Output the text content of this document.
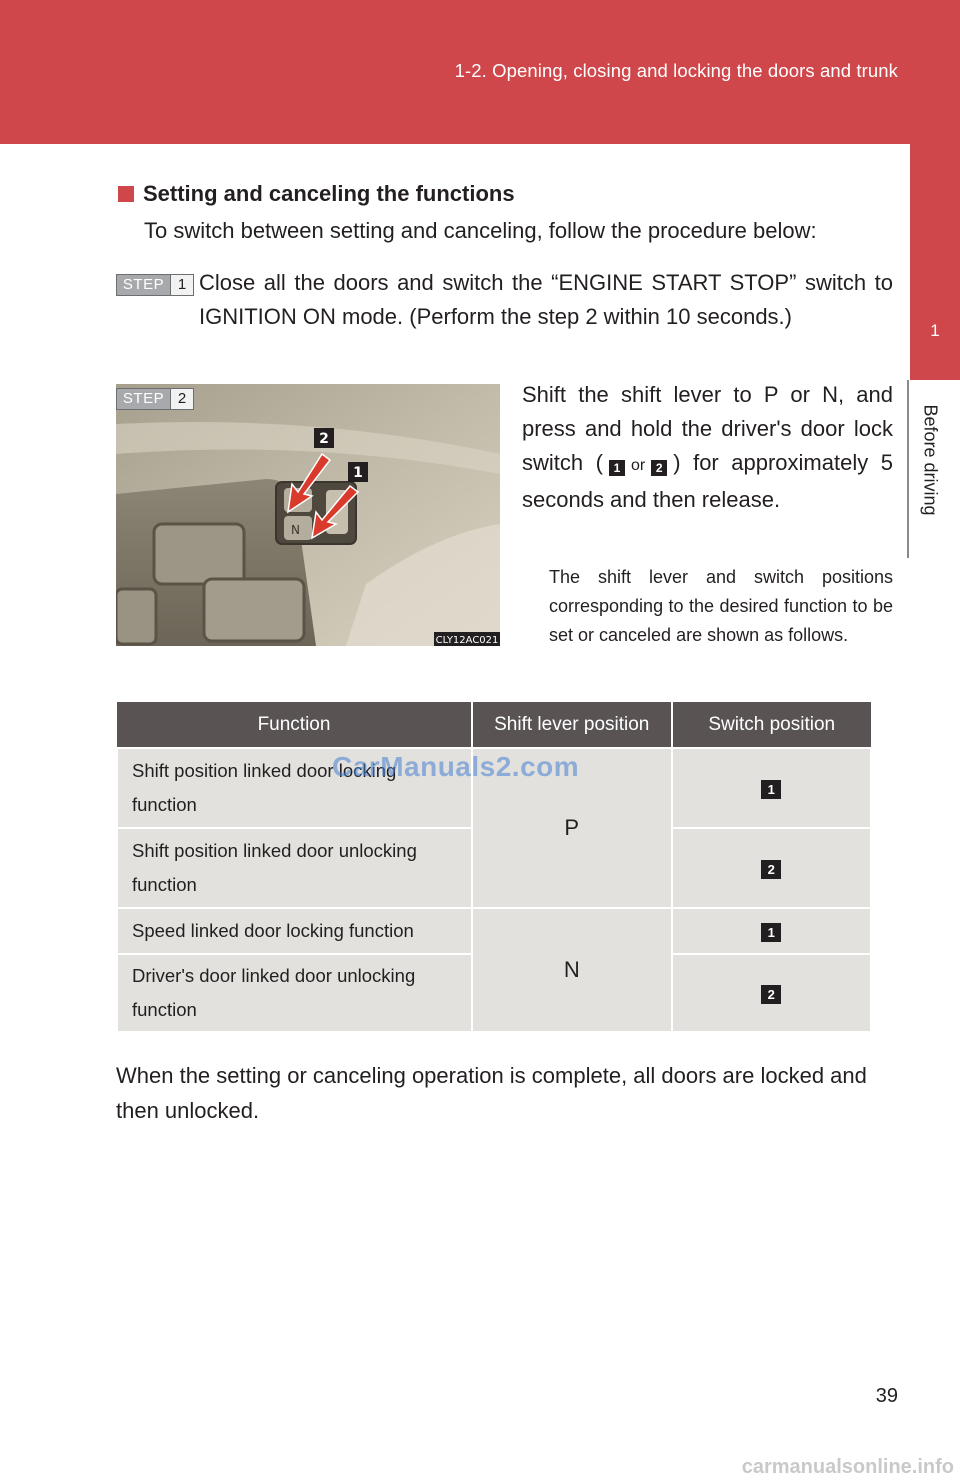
1-2. Opening, closing and locking the doors and trunk
1
Before driving
Setting and canceling the functions
To switch between setting and canceling, follow the procedure below:
STEP 1 Close all the doors and switch the “ENGINE START STOP” switch to IGNITION ON mode. (Perform the step 2 within 10 seconds.)
STEP 2
N
2
1
CLY12AC021
Shift the shift lever to P or N, and press and hold the driver's door lock switch ( 1 or 2 ) for approximately 5 seconds and then release.
The shift lever and switch positions corresponding to the desired function to be set or canceled are shown as follows.
Function	Shift lever position	Switch position
Shift position linked door locking function	P	1
Shift position linked door unlocking function		2
Speed linked door locking function	N	1
Driver's door linked door unlocking function		2
CarManuals2.com
When the setting or canceling operation is complete, all doors are locked and then unlocked.
39
carmanualsonline.info
